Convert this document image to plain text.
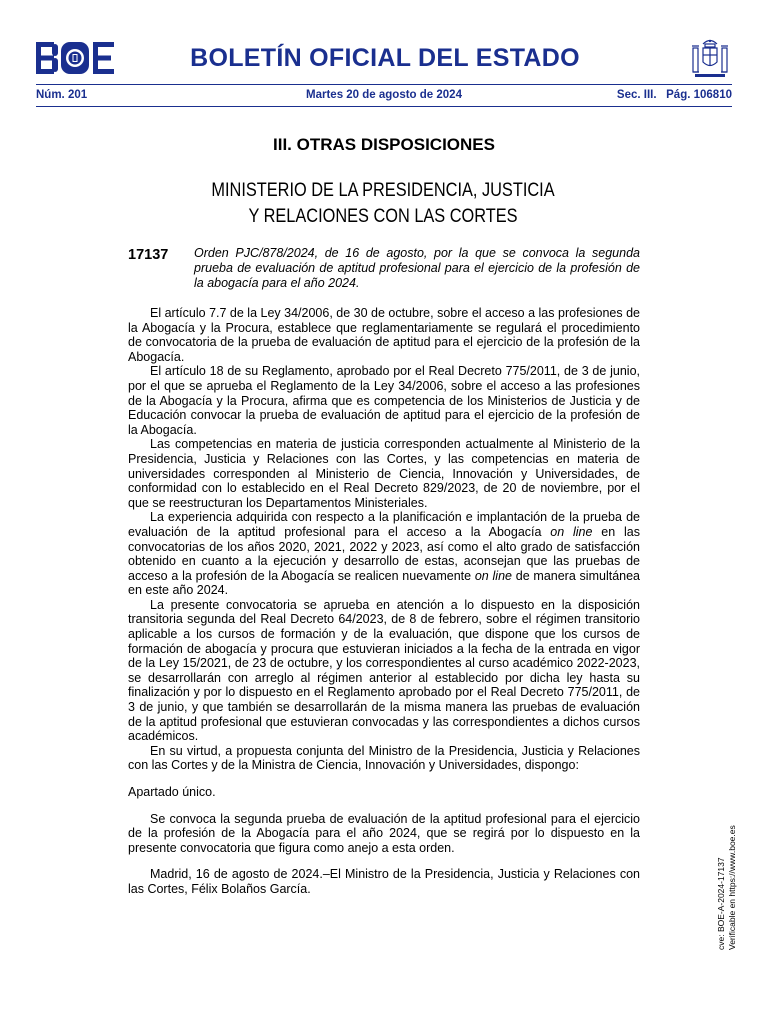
BOLETÍN OFICIAL DEL ESTADO
Núm. 201	Martes 20 de agosto de 2024	Sec. III.   Pág. 106810
III. OTRAS DISPOSICIONES
MINISTERIO DE LA PRESIDENCIA, JUSTICIA
Y RELACIONES CON LAS CORTES
17137 Orden PJC/878/2024, de 16 de agosto, por la que se convoca la segunda prueba de evaluación de aptitud profesional para el ejercicio de la profesión de la abogacía para el año 2024.

El artículo 7.7 de la Ley 34/2006, de 30 de octubre, sobre el acceso a las profesiones de la Abogacía y la Procura, establece que reglamentariamente se regulará el procedimiento de convocatoria de la prueba de evaluación de aptitud para el ejercicio de la profesión de la Abogacía.

El artículo 18 de su Reglamento, aprobado por el Real Decreto 775/2011, de 3 de junio, por el que se aprueba el Reglamento de la Ley 34/2006, sobre el acceso a las profesiones de la Abogacía y la Procura, afirma que es competencia de los Ministerios de Justicia y de Educación convocar la prueba de evaluación de aptitud para el ejercicio de la profesión de la Abogacía.

Las competencias en materia de justicia corresponden actualmente al Ministerio de la Presidencia, Justicia y Relaciones con las Cortes, y las competencias en materia de universidades corresponden al Ministerio de Ciencia, Innovación y Universidades, de conformidad con lo establecido en el Real Decreto 829/2023, de 20 de noviembre, por el que se reestructuran los Departamentos Ministeriales.

La experiencia adquirida con respecto a la planificación e implantación de la prueba de evaluación de la aptitud profesional para el acceso a la Abogacía on line en las convocatorias de los años 2020, 2021, 2022 y 2023, así como el alto grado de satisfacción obtenido en cuanto a la ejecución y desarrollo de estas, aconsejan que las pruebas de acceso a la profesión de la Abogacía se realicen nuevamente on line de manera simultánea en este año 2024.

La presente convocatoria se aprueba en atención a lo dispuesto en la disposición transitoria segunda del Real Decreto 64/2023, de 8 de febrero, sobre el régimen transitorio aplicable a los cursos de formación y de la evaluación, que dispone que los cursos de formación de abogacía y procura que estuvieran iniciados a la fecha de la entrada en vigor de la Ley 15/2021, de 23 de octubre, y los correspondientes al curso académico 2022-2023, se desarrollarán con arreglo al régimen anterior al establecido por dicha ley hasta su finalización y por lo dispuesto en el Reglamento aprobado por el Real Decreto 775/2011, de 3 de junio, y que también se desarrollarán de la misma manera las pruebas de evaluación de la aptitud profesional que estuvieran convocadas y las correspondientes a dichos cursos académicos.

En su virtud, a propuesta conjunta del Ministro de la Presidencia, Justicia y Relaciones con las Cortes y de la Ministra de Ciencia, Innovación y Universidades, dispongo:

Apartado único.

Se convoca la segunda prueba de evaluación de la aptitud profesional para el ejercicio de la profesión de la Abogacía para el año 2024, que se regirá por lo dispuesto en la presente convocatoria que figura como anejo a esta orden.

Madrid, 16 de agosto de 2024.–El Ministro de la Presidencia, Justicia y Relaciones con las Cortes, Félix Bolaños García.	cve: BOE-A-2024-17137 Verificable en https://www.boe.es
